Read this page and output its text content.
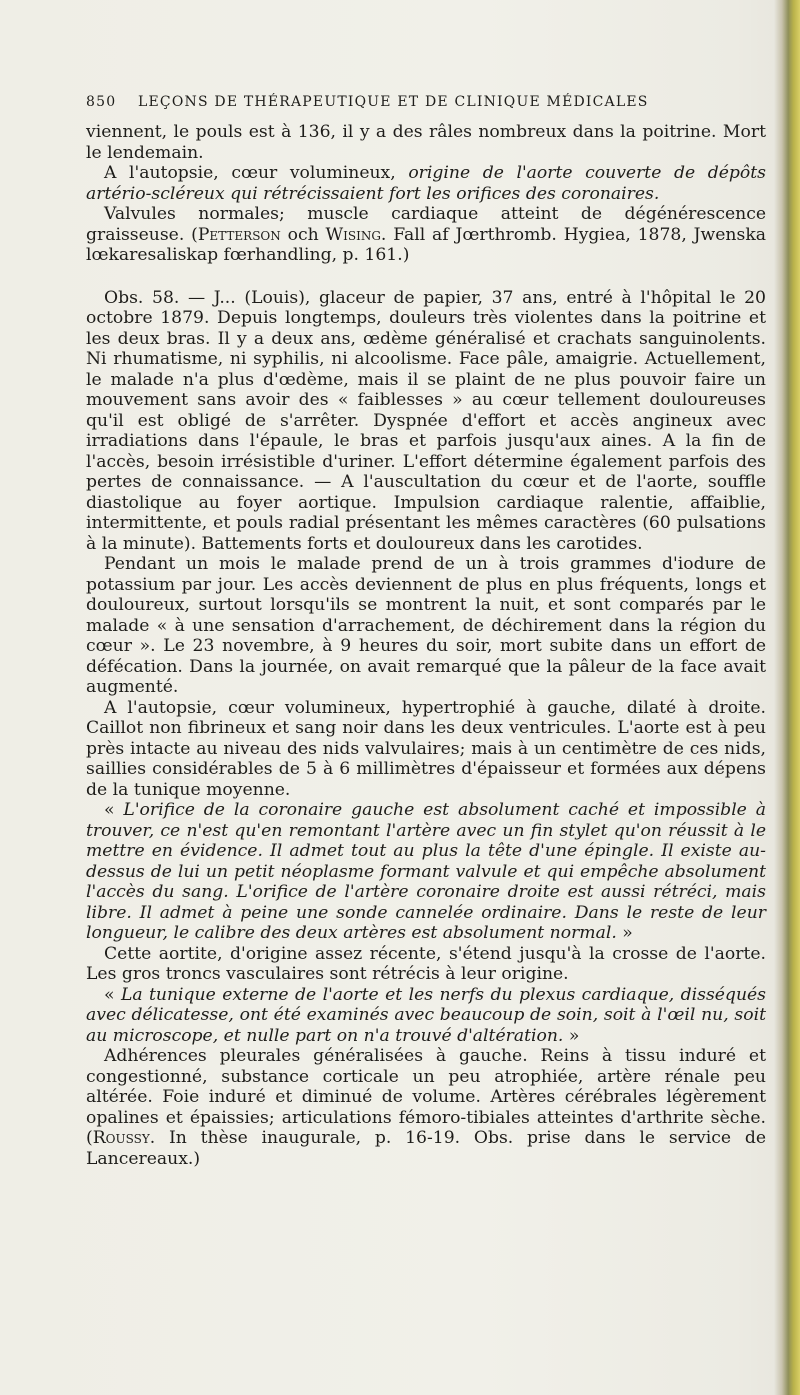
850 LEÇONS DE THÉRAPEUTIQUE ET DE CLINIQUE MÉDICALES

viennent, le pouls est à 136, il y a des râles nombreux dans la poitrine. Mort le lendemain.

A l'autopsie, cœur volumineux, origine de l'aorte couverte de dépôts artério-scléreux qui rétrécissaient fort les orifices des coronaires.

Valvules normales; muscle cardiaque atteint de dégénérescence graisseuse. (Petterson och Wising. Fall af Jœrthromb. Hygiea, 1878, Jwenska lœkaresaliskap fœrhandling, p. 161.)

Obs. 58. — J... (Louis), glaceur de papier, 37 ans, entré à l'hôpital le 20 octobre 1879. Depuis longtemps, douleurs très violentes dans la poitrine et les deux bras. Il y a deux ans, œdème généralisé et crachats sanguinolents. Ni rhumatisme, ni syphilis, ni alcoolisme. Face pâle, amaigrie. Actuellement, le malade n'a plus d'œdème, mais il se plaint de ne plus pouvoir faire un mouvement sans avoir des « faiblesses » au cœur tellement douloureuses qu'il est obligé de s'arrêter. Dyspnée d'effort et accès angineux avec irradiations dans l'épaule, le bras et parfois jusqu'aux aines. A la fin de l'accès, besoin irrésistible d'uriner. L'effort détermine également parfois des pertes de connaissance. — A l'auscultation du cœur et de l'aorte, souffle diastolique au foyer aortique. Impulsion cardiaque ralentie, affaiblie, intermittente, et pouls radial présentant les mêmes caractères (60 pulsations à la minute). Battements forts et douloureux dans les carotides.

Pendant un mois le malade prend de un à trois grammes d'iodure de potassium par jour. Les accès deviennent de plus en plus fréquents, longs et douloureux, surtout lorsqu'ils se montrent la nuit, et sont comparés par le malade « à une sensation d'arrachement, de déchirement dans la région du cœur ». Le 23 novembre, à 9 heures du soir, mort subite dans un effort de défécation. Dans la journée, on avait remarqué que la pâleur de la face avait augmenté.

A l'autopsie, cœur volumineux, hypertrophié à gauche, dilaté à droite. Caillot non fibrineux et sang noir dans les deux ventricules. L'aorte est à peu près intacte au niveau des nids valvulaires; mais à un centimètre de ces nids, saillies considérables de 5 à 6 millimètres d'épaisseur et formées aux dépens de la tunique moyenne.

« L'orifice de la coronaire gauche est absolument caché et impossible à trouver, ce n'est qu'en remontant l'artère avec un fin stylet qu'on réussit à le mettre en évidence. Il admet tout au plus la tête d'une épingle. Il existe au-dessus de lui un petit néoplasme formant valvule et qui empêche absolument l'accès du sang. L'orifice de l'artère coronaire droite est aussi rétréci, mais libre. Il admet à peine une sonde cannelée ordinaire. Dans le reste de leur longueur, le calibre des deux artères est absolument normal. »

Cette aortite, d'origine assez récente, s'étend jusqu'à la crosse de l'aorte. Les gros troncs vasculaires sont rétrécis à leur origine.

« La tunique externe de l'aorte et les nerfs du plexus cardiaque, disséqués avec délicatesse, ont été examinés avec beaucoup de soin, soit à l'œil nu, soit au microscope, et nulle part on n'a trouvé d'altération. »

Adhérences pleurales généralisées à gauche. Reins à tissu induré et congestionné, substance corticale un peu atrophiée, artère rénale peu altérée. Foie induré et diminué de volume. Artères cérébrales légèrement opalines et épaissies; articulations fémoro-tibiales atteintes d'arthrite sèche. (Roussy. In thèse inaugurale, p. 16-19. Obs. prise dans le service de Lancereaux.)
